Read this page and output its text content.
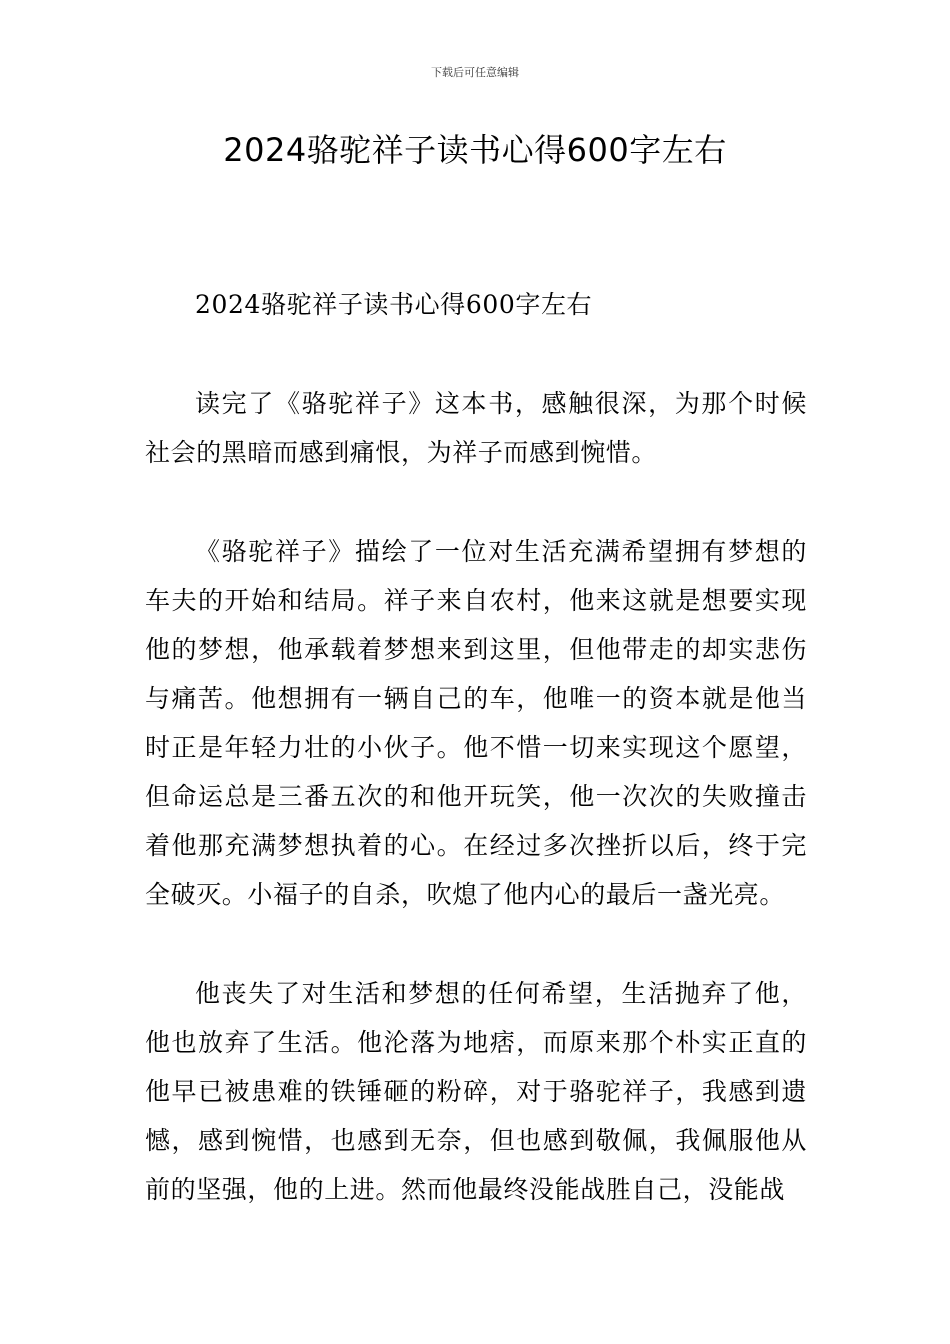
下载后可任意编辑
2024骆驼祥子读书心得600字左右

2024骆驼祥子读书心得600字左右

读完了《骆驼祥子》这本书，感触很深，为那个时候社会的黑暗而感到痛恨，为祥子而感到惋惜。

《骆驼祥子》描绘了一位对生活充满希望拥有梦想的车夫的开始和结局。祥子来自农村，他来这就是想要实现他的梦想，他承载着梦想来到这里，但他带走的却实悲伤与痛苦。他想拥有一辆自己的车，他唯一的资本就是他当时正是年轻力壮的小伙子。他不惜一切来实现这个愿望，但命运总是三番五次的和他开玩笑，他一次次的失败撞击着他那充满梦想执着的心。在经过多次挫折以后，终于完全破灭。小福子的自杀，吹熄了他内心的最后一盏光亮。

他丧失了对生活和梦想的任何希望，生活抛弃了他，他也放弃了生活。他沦落为地痞，而原来那个朴实正直的他早已被患难的铁锤砸的粉碎，对于骆驼祥子，我感到遗憾，感到惋惜，也感到无奈，但也感到敬佩，我佩服他从前的坚强，他的上进。然而他最终没能战胜自己，没能战
